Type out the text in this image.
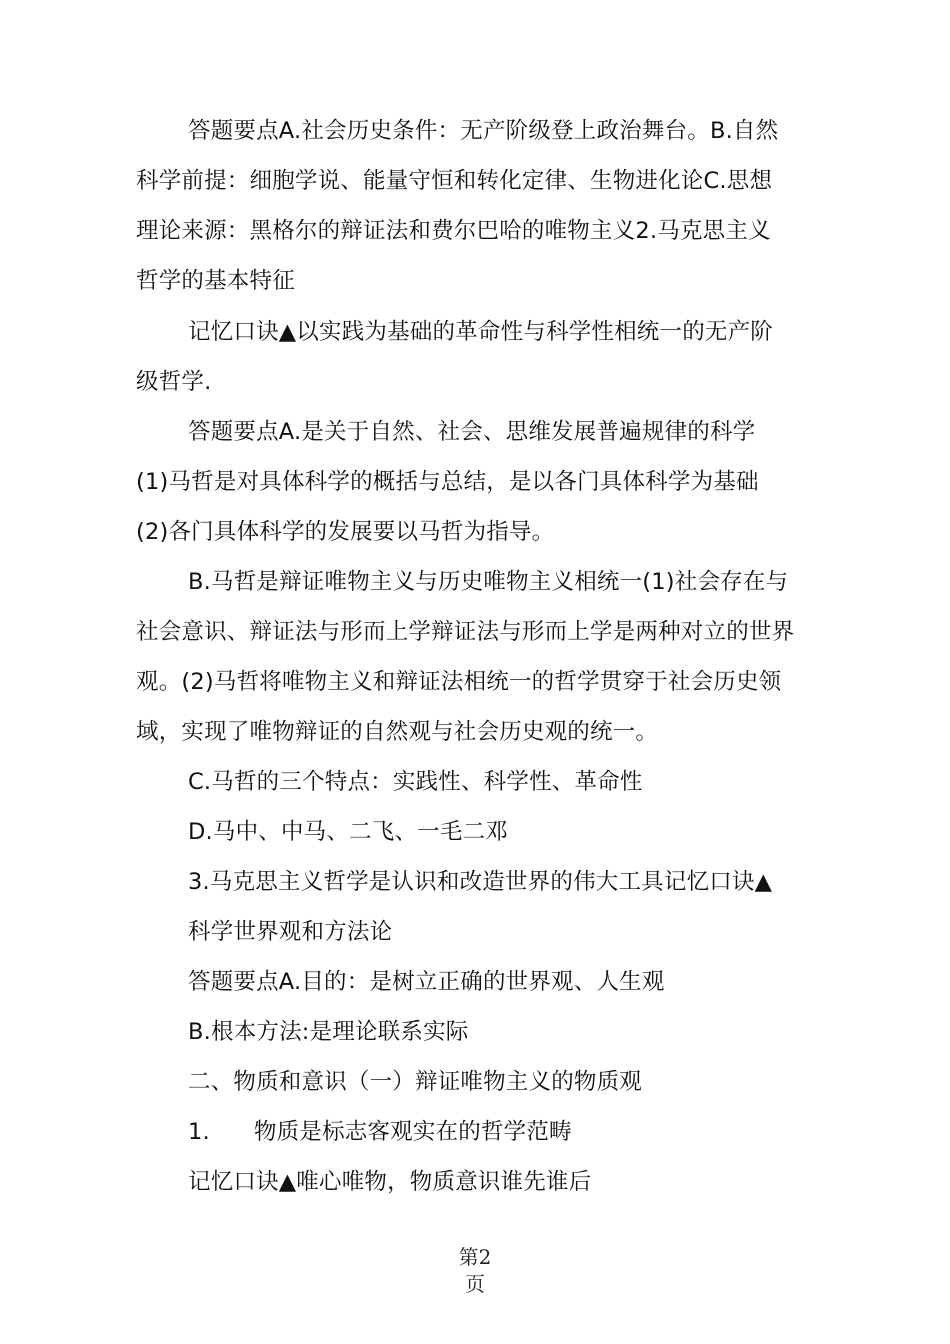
答题要点A.社会历史条件：无产阶级登上政治舞台。B.自然
科学前提：细胞学说、能量守恒和转化定律、生物进化论C.思想
理论来源：黑格尔的辩证法和费尔巴哈的唯物主义2.马克思主义
哲学的基本特征
记忆口诀▲以实践为基础的革命性与科学性相统一的无产阶
级哲学.
答题要点A.是关于自然、社会、思维发展普遍规律的科学
(1)马哲是对具体科学的概括与总结，是以各门具体科学为基础
(2)各门具体科学的发展要以马哲为指导。
B.马哲是辩证唯物主义与历史唯物主义相统一(1)社会存在与
社会意识、辩证法与形而上学辩证法与形而上学是两种对立的世界
观。(2)马哲将唯物主义和辩证法相统一的哲学贯穿于社会历史领
域，实现了唯物辩证的自然观与社会历史观的统一。
C.马哲的三个特点：实践性、科学性、革命性
D.马中、中马、二飞、一毛二邓
3.马克思主义哲学是认识和改造世界的伟大工具记忆口诀▲
科学世界观和方法论
答题要点A.目的：是树立正确的世界观、人生观
B.根本方法:是理论联系实际
二、物质和意识（一）辩证唯物主义的物质观
1.      物质是标志客观实在的哲学范畴
记忆口诀▲唯心唯物，物质意识谁先谁后
第2
页
